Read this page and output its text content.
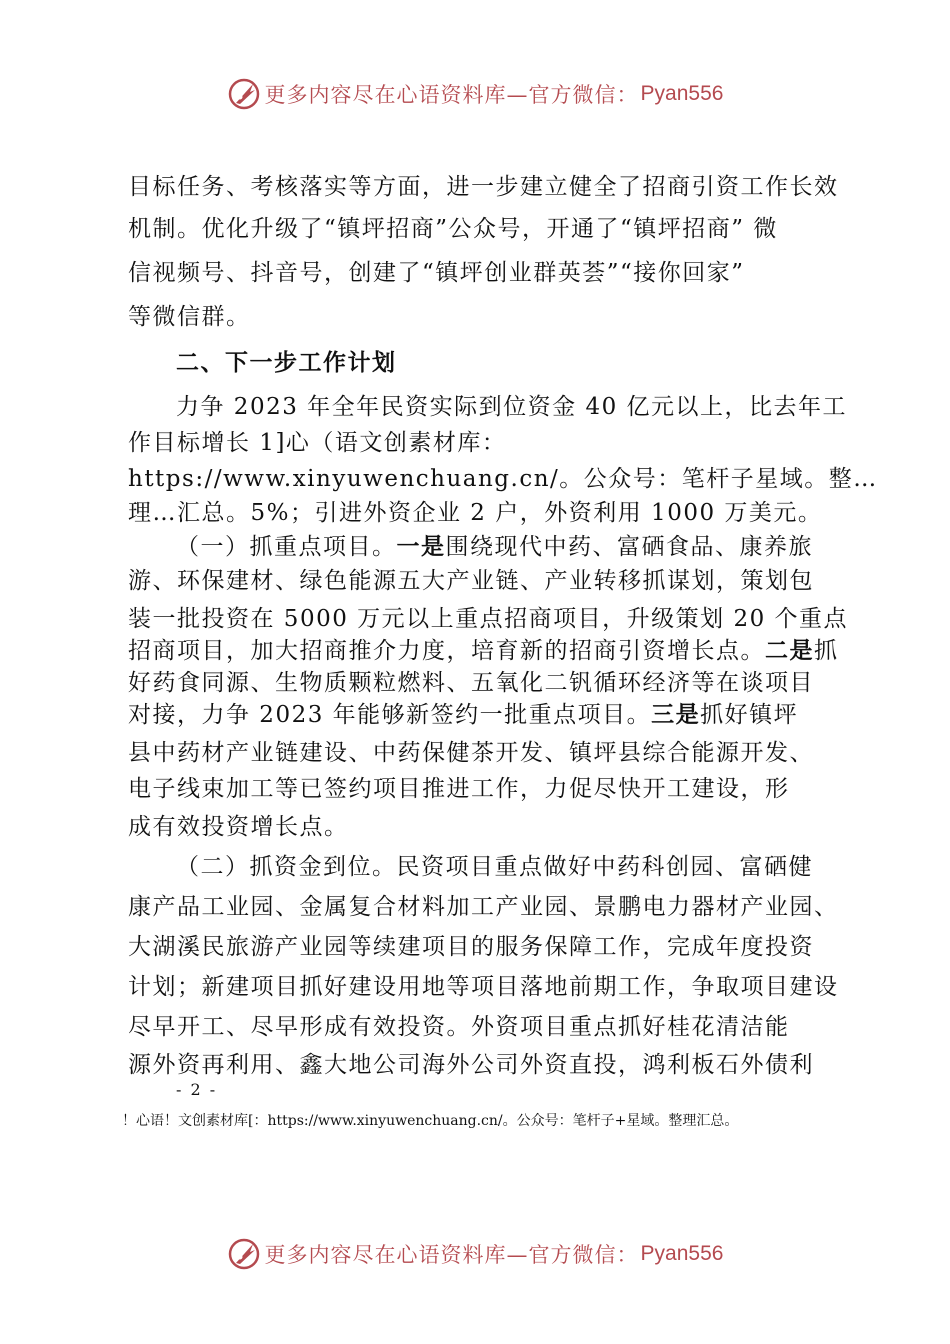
更多内容尽在心语资料库—官方微信： Pyan556
目标任务、考核落实等方面，进一步建立健全了招商引资工作长效
机制。优化升级了“镇坪招商”公众号，开通了“镇坪招商” 微
信视频号、抖音号，创建了“镇坪创业群英荟”“接你回家”
等微信群。
二、下一步工作计划
力争 2023 年全年民资实际到位资金 40 亿元以上，比去年工
作目标增长 1]心（语文创素材库：
https://www.xinyuwenchuang.cn/。公众号：笔杆子星域。整…
理…汇总。5%；引进外资企业 2 户，外资利用 1000 万美元。
（一）抓重点项目。一是围绕现代中药、富硒食品、康养旅
游、环保建材、绿色能源五大产业链、产业转移抓谋划，策划包
装一批投资在 5000 万元以上重点招商项目，升级策划 20 个重点
招商项目，加大招商推介力度，培育新的招商引资增长点。二是抓
好药食同源、生物质颗粒燃料、五氧化二钒循环经济等在谈项目
对接，力争 2023 年能够新签约一批重点项目。三是抓好镇坪
县中药材产业链建设、中药保健茶开发、镇坪县综合能源开发、
电子线束加工等已签约项目推进工作，力促尽快开工建设，形
成有效投资增长点。
（二）抓资金到位。民资项目重点做好中药科创园、富硒健
康产品工业园、金属复合材料加工产业园、景鹏电力器材产业园、
大湖溪民旅游产业园等续建项目的服务保障工作，完成年度投资
计划；新建项目抓好建设用地等项目落地前期工作，争取项目建设
尽早开工、尽早形成有效投资。外资项目重点抓好桂花清洁能
源外资再利用、鑫大地公司海外公司外资直投，鸿利板石外债利
- 2 -
！心语！文创素材库[：https://www.xinyuwenchuang.cn/。公众号：笔杆子+星域。整理汇总。
更多内容尽在心语资料库—官方微信： Pyan556
